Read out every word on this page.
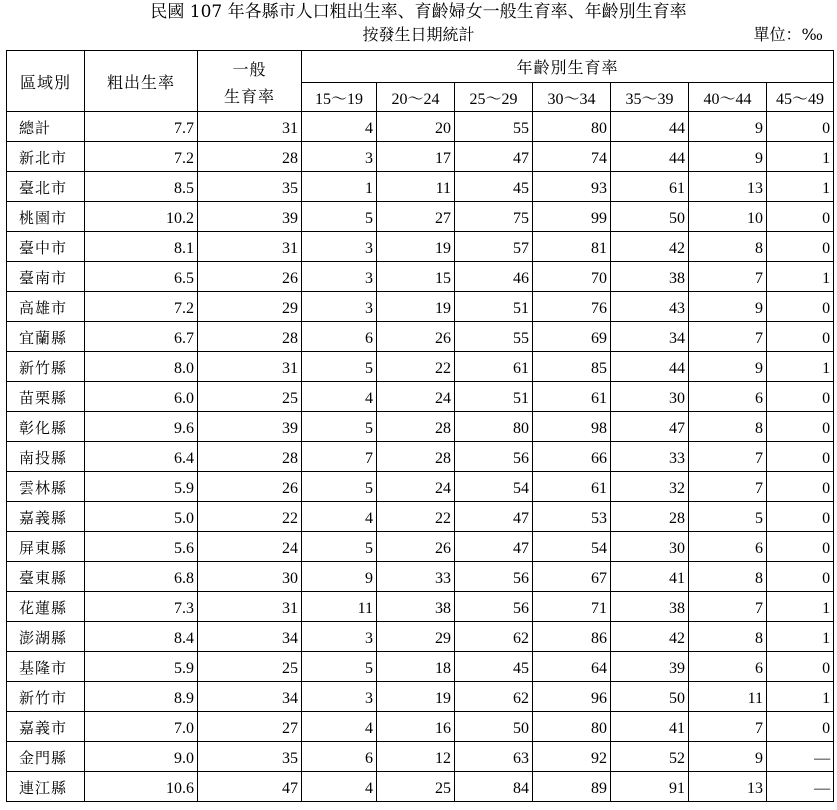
民國 107 年各縣市人口粗出生率、育齡婦女一般生育率、年齡別生育率
按發生日期統計	單位：‰
區域別	粗出生率	一般
生育率	年齡別生育率						
			15～19	20～24	25～29	30～34	35～39	40～44	45～49
總計	7.7	31	4	20	55	80	44	9	0
新北市	7.2	28	3	17	47	74	44	9	1
臺北市	8.5	35	1	11	45	93	61	13	1
桃園市	10.2	39	5	27	75	99	50	10	0
臺中市	8.1	31	3	19	57	81	42	8	0
臺南市	6.5	26	3	15	46	70	38	7	1
高雄市	7.2	29	3	19	51	76	43	9	0
宜蘭縣	6.7	28	6	26	55	69	34	7	0
新竹縣	8.0	31	5	22	61	85	44	9	1
苗栗縣	6.0	25	4	24	51	61	30	6	0
彰化縣	9.6	39	5	28	80	98	47	8	0
南投縣	6.4	28	7	28	56	66	33	7	0
雲林縣	5.9	26	5	24	54	61	32	7	0
嘉義縣	5.0	22	4	22	47	53	28	5	0
屏東縣	5.6	24	5	26	47	54	30	6	0
臺東縣	6.8	30	9	33	56	67	41	8	0
花蓮縣	7.3	31	11	38	56	71	38	7	1
澎湖縣	8.4	34	3	29	62	86	42	8	1
基隆市	5.9	25	5	18	45	64	39	6	0
新竹市	8.9	34	3	19	62	96	50	11	1
嘉義市	7.0	27	4	16	50	80	41	7	0
金門縣	9.0	35	6	12	63	92	52	9	—
連江縣	10.6	47	4	25	84	89	91	13	—
